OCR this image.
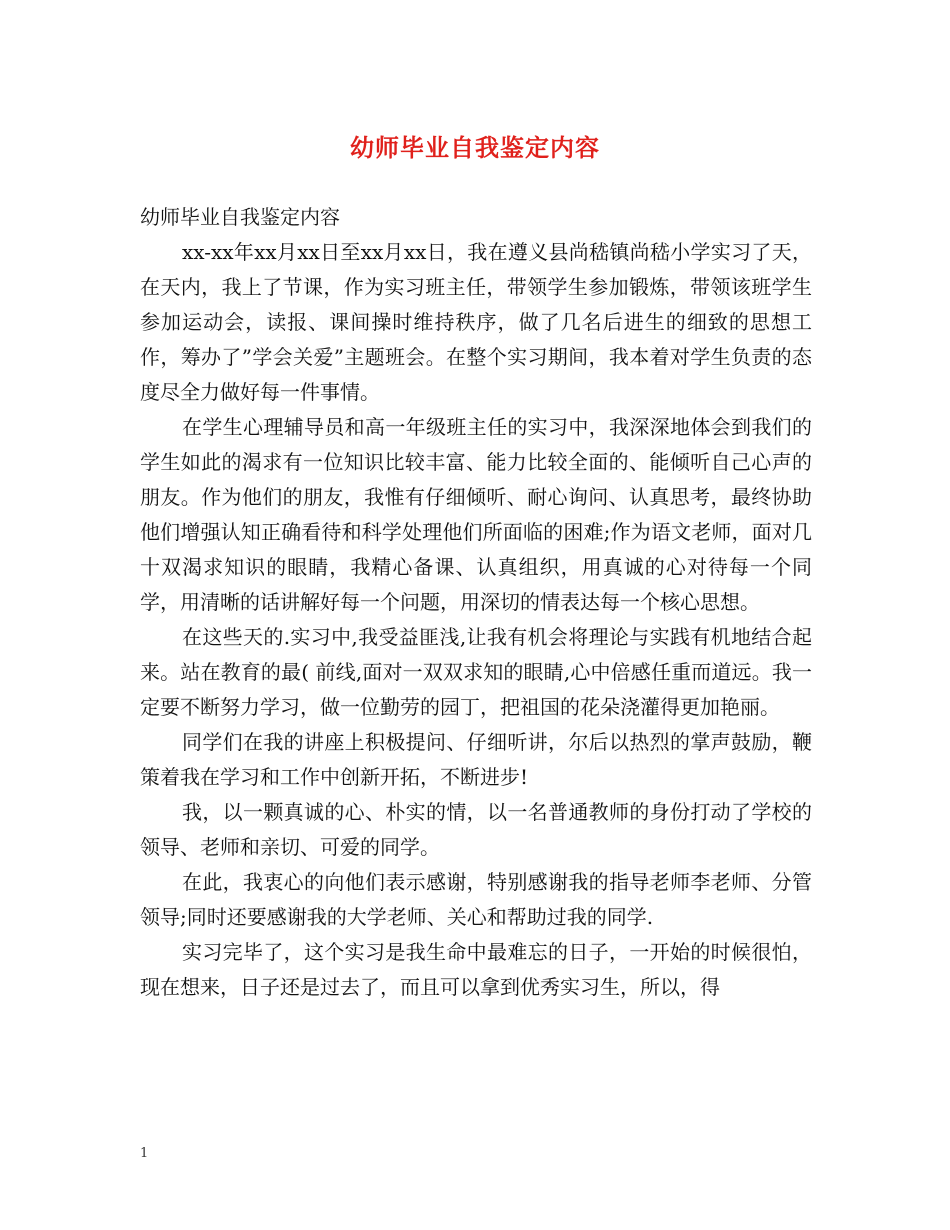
幼师毕业自我鉴定内容

幼师毕业自我鉴定内容

xx-xx年xx月xx日至xx月xx日，我在遵义县尚嵇镇尚嵇小学实习了天，在天内，我上了节课，作为实习班主任，带领学生参加锻炼，带领该班学生参加运动会，读报、课间操时维持秩序，做了几名后进生的细致的思想工作，筹办了”学会关爱”主题班会。在整个实习期间，我本着对学生负责的态度尽全力做好每一件事情。

在学生心理辅导员和高一年级班主任的实习中，我深深地体会到我们的学生如此的渴求有一位知识比较丰富、能力比较全面的、能倾听自己心声的朋友。作为他们的朋友，我惟有仔细倾听、耐心询问、认真思考，最终协助他们增强认知正确看待和科学处理他们所面临的困难;作为语文老师，面对几十双渴求知识的眼睛，我精心备课、认真组织，用真诚的心对待每一个同学，用清晰的话讲解好每一个问题，用深切的情表达每一个核心思想。

在这些天的.实习中,我受益匪浅,让我有机会将理论与实践有机地结合起来。站在教育的最( 前线,面对一双双求知的眼睛,心中倍感任重而道远。我一定要不断努力学习，做一位勤劳的园丁，把祖国的花朵浇灌得更加艳丽。

同学们在我的讲座上积极提问、仔细听讲，尔后以热烈的掌声鼓励，鞭策着我在学习和工作中创新开拓，不断进步!

我，以一颗真诚的心、朴实的情，以一名普通教师的身份打动了学校的领导、老师和亲切、可爱的同学。

在此，我衷心的向他们表示感谢，特别感谢我的指导老师李老师、分管领导;同时还要感谢我的大学老师、关心和帮助过我的同学.

实习完毕了，这个实习是我生命中最难忘的日子，一开始的时候很怕，现在想来，日子还是过去了，而且可以拿到优秀实习生，所以，得

1
